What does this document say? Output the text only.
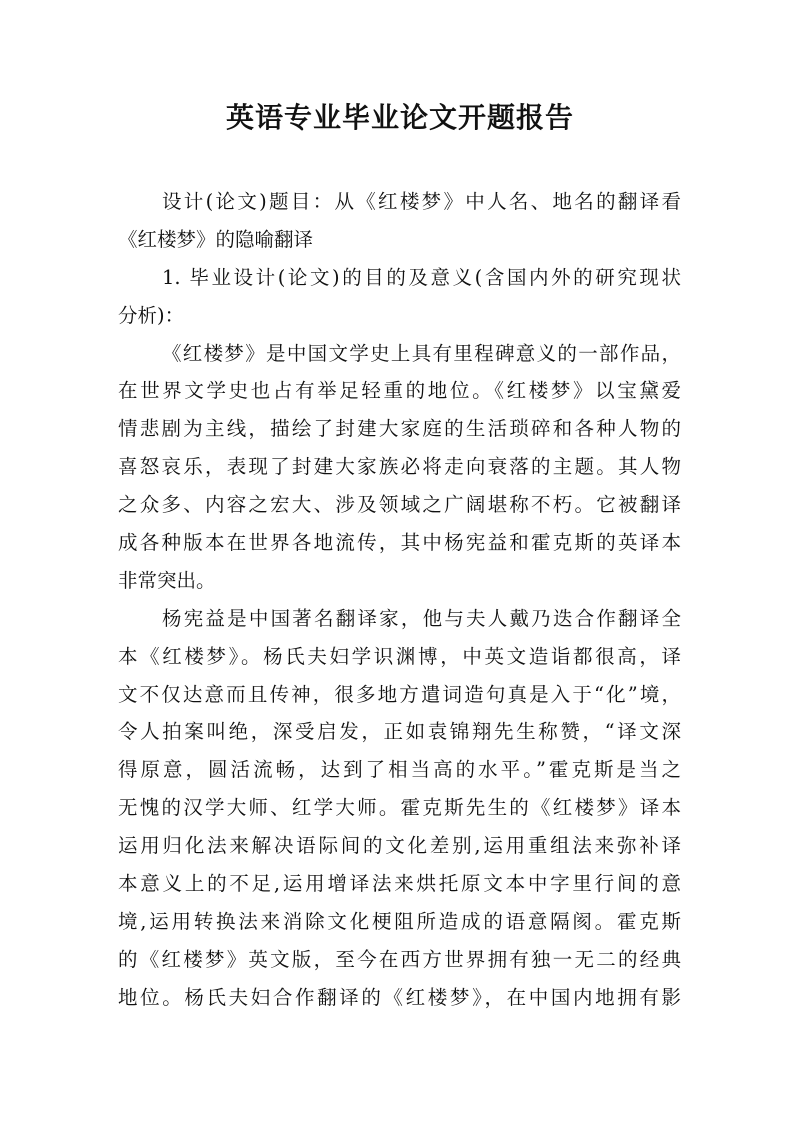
英语专业毕业论文开题报告
设计(论文)题目：从《红楼梦》中人名、地名的翻译看
《红楼梦》的隐喻翻译
1. 毕业设计(论文)的目的及意义(含国内外的研究现状
分析)：
《红楼梦》是中国文学史上具有里程碑意义的一部作品，
在世界文学史也占有举足轻重的地位。《红楼梦》以宝黛爱
情悲剧为主线，描绘了封建大家庭的生活琐碎和各种人物的
喜怒哀乐，表现了封建大家族必将走向衰落的主题。其人物
之众多、内容之宏大、涉及领域之广阔堪称不朽。它被翻译
成各种版本在世界各地流传，其中杨宪益和霍克斯的英译本
非常突出。
杨宪益是中国著名翻译家，他与夫人戴乃迭合作翻译全
本《红楼梦》。杨氏夫妇学识渊博，中英文造诣都很高，译
文不仅达意而且传神，很多地方遣词造句真是入于“化”境，
令人拍案叫绝，深受启发，正如袁锦翔先生称赞，“译文深
得原意，圆活流畅，达到了相当高的水平。”霍克斯是当之
无愧的汉学大师、红学大师。霍克斯先生的《红楼梦》译本
运用归化法来解决语际间的文化差别,运用重组法来弥补译
本意义上的不足,运用增译法来烘托原文本中字里行间的意
境,运用转换法来消除文化梗阻所造成的语意隔阂。霍克斯
的《红楼梦》英文版，至今在西方世界拥有独一无二的经典
地位。杨氏夫妇合作翻译的《红楼梦》，在中国内地拥有影
